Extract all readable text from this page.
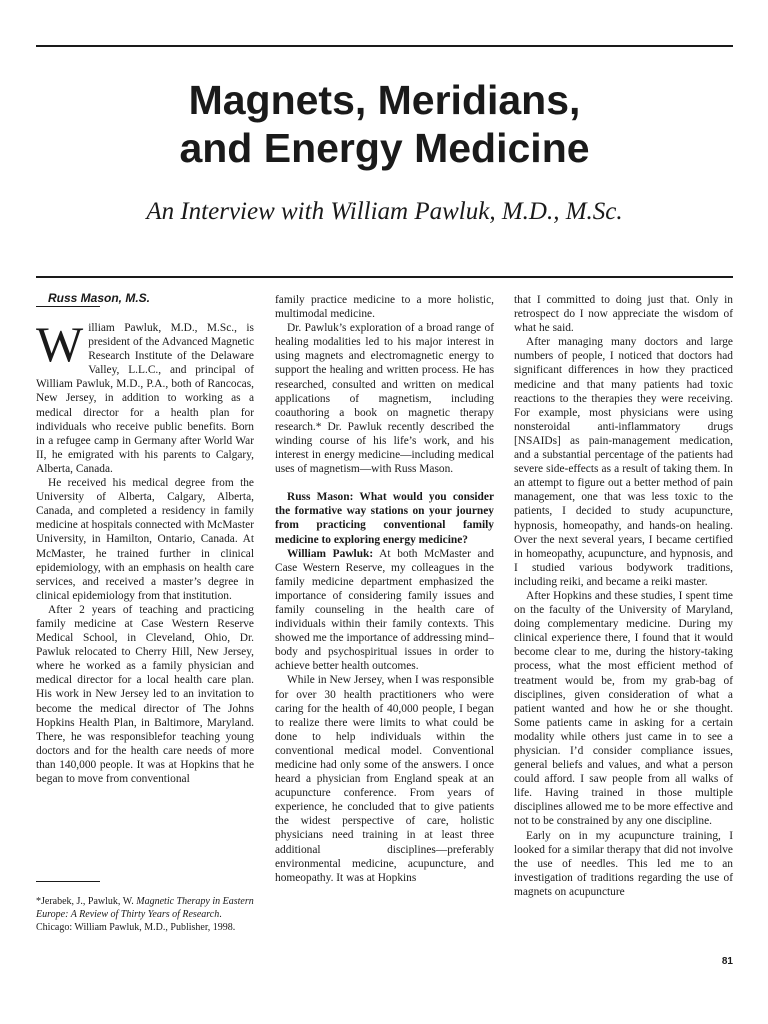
Magnets, Meridians,
and Energy Medicine

An Interview with William Pawluk, M.D., M.Sc.

Russ Mason, M.S.

William Pawluk, M.D., M.Sc., is president of the Advanced Magnetic Research Institute of the Delaware Valley, L.L.C., and principal of William Pawluk, M.D., P.A., both of Rancocas, New Jersey, in addition to working as a medical director for a health plan for individuals who receive public benefits. Born in a refugee camp in Germany after World War II, he emigrated with his parents to Calgary, Alberta, Canada.

He received his medical degree from the University of Alberta, Calgary, Alberta, Canada, and completed a residency in family medicine at hospitals connected with McMaster University, in Hamilton, Ontario, Canada. At McMaster, he trained further in clinical epidemiology, with an emphasis on health care services, and received a master’s degree in clinical epidemiology from that institution.

After 2 years of teaching and practicing family medicine at Case Western Reserve Medical School, in Cleveland, Ohio, Dr. Pawluk relocated to Cherry Hill, New Jersey, where he worked as a family physician and medical director for a local health care plan. His work in New Jersey led to an invitation to become the medical director of The Johns Hopkins Health Plan, in Baltimore, Maryland. There, he was responsiblefor teaching young doctors and for the health care needs of more than 140,000 people. It was at Hopkins that he began to move from conventional

family practice medicine to a more holistic, multimodal medicine.

Dr. Pawluk’s exploration of a broad range of healing modalities led to his major interest in using magnets and electromagnetic energy to support the healing and written process. He has researched, consulted and written on medical applications of magnetism, including coauthoring a book on magnetic therapy research.* Dr. Pawluk recently described the winding course of his life’s work, and his interest in energy medicine—including medical uses of magnetism—with Russ Mason.

Russ Mason: What would you consider the formative way stations on your journey from practicing conventional family medicine to exploring energy medicine?

William Pawluk: At both McMaster and Case Western Reserve, my colleagues in the family medicine department emphasized the importance of considering family issues and family counseling in the health care of individuals within their family contexts. This showed me the importance of addressing mind–body and psychospiritual issues in order to achieve better health outcomes.

While in New Jersey, when I was responsible for over 30 health practitioners who were caring for the health of 40,000 people, I began to realize there were limits to what could be done to help individuals within the conventional medical model. Conventional medicine had only some of the answers. I once heard a physician from England speak at an acupuncture conference. From years of experience, he concluded that to give patients the widest perspective of care, holistic physicians need training in at least three additional disciplines—preferably environmental medicine, acupuncture, and homeopathy. It was at Hopkins

that I committed to doing just that. Only in retrospect do I now appreciate the wisdom of what he said.

After managing many doctors and large numbers of people, I noticed that doctors had significant differences in how they practiced medicine and that many patients had toxic reactions to the therapies they were receiving. For example, most physicians were using nonsteroidal anti-inflammatory drugs [NSAIDs] as pain-management medication, and a substantial percentage of the patients had severe side-effects as a result of taking them. In an attempt to figure out a better method of pain management, one that was less toxic to the patients, I decided to study acupuncture, hypnosis, homeopathy, and hands-on healing. Over the next several years, I became certified in homeopathy, acupuncture, and hypnosis, and I studied various bodywork traditions, including reiki, and became a reiki master.

After Hopkins and these studies, I spent time on the faculty of the University of Maryland, doing complementary medicine. During my clinical experience there, I found that it would become clear to me, during the history-taking process, what the most efficient method of treatment would be, from my grab-bag of disciplines, given consideration of what a patient wanted and how he or she thought. Some patients came in asking for a certain modality while others just came in to see a physician. I’d consider compliance issues, general beliefs and values, and what a person could afford. I saw people from all walks of life. Having trained in those multiple disciplines allowed me to be more effective and not to be constrained by any one discipline.

Early on in my acupuncture training, I looked for a similar therapy that did not involve the use of needles. This led me to an investigation of traditions regarding the use of magnets on acupuncture

*Jerabek, J., Pawluk, W. Magnetic Therapy in Eastern Europe: A Review of Thirty Years of Research. Chicago: William Pawluk, M.D., Publisher, 1998.
81
